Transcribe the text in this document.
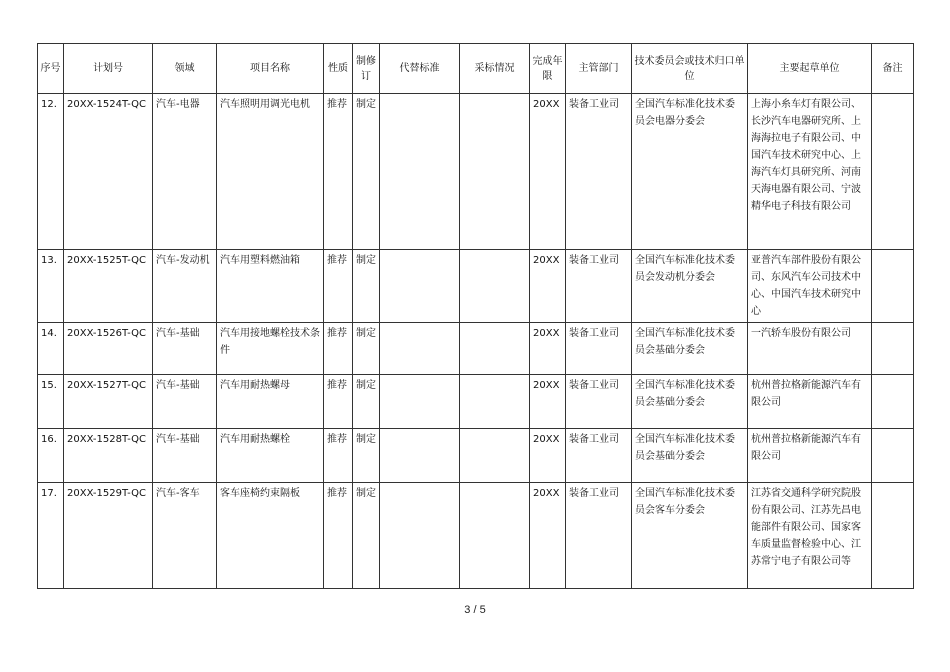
序号	计划号	领域	项目名称	性质	制修订	代替标准	采标情况	完成年限	主管部门	技术委员会或技术归口单位	主要起草单位	备注
12.	20XX-1524T-QC	汽车-电器	汽车照明用调光电机	推荐	制定			20XX	装备工业司	全国汽车标准化技术委员会电器分委会	上海小糸车灯有限公司、长沙汽车电器研究所、上海海拉电子有限公司、中国汽车技术研究中心、上海汽车灯具研究所、河南天海电器有限公司、宁波精华电子科技有限公司	
13.	20XX-1525T-QC	汽车-发动机	汽车用塑料燃油箱	推荐	制定			20XX	装备工业司	全国汽车标准化技术委员会发动机分委会	亚普汽车部件股份有限公司、东风汽车公司技术中心、中国汽车技术研究中心	
14.	20XX-1526T-QC	汽车-基础	汽车用接地螺栓技术条件	推荐	制定			20XX	装备工业司	全国汽车标准化技术委员会基础分委会	一汽轿车股份有限公司	
15.	20XX-1527T-QC	汽车-基础	汽车用耐热螺母	推荐	制定			20XX	装备工业司	全国汽车标准化技术委员会基础分委会	杭州普拉格新能源汽车有限公司	
16.	20XX-1528T-QC	汽车-基础	汽车用耐热螺栓	推荐	制定			20XX	装备工业司	全国汽车标准化技术委员会基础分委会	杭州普拉格新能源汽车有限公司	
17.	20XX-1529T-QC	汽车-客车	客车座椅约束隔板	推荐	制定			20XX	装备工业司	全国汽车标准化技术委员会客车分委会	江苏省交通科学研究院股份有限公司、江苏先昌电能部件有限公司、国家客车质量监督检验中心、江苏常宁电子有限公司等	
3 / 5
